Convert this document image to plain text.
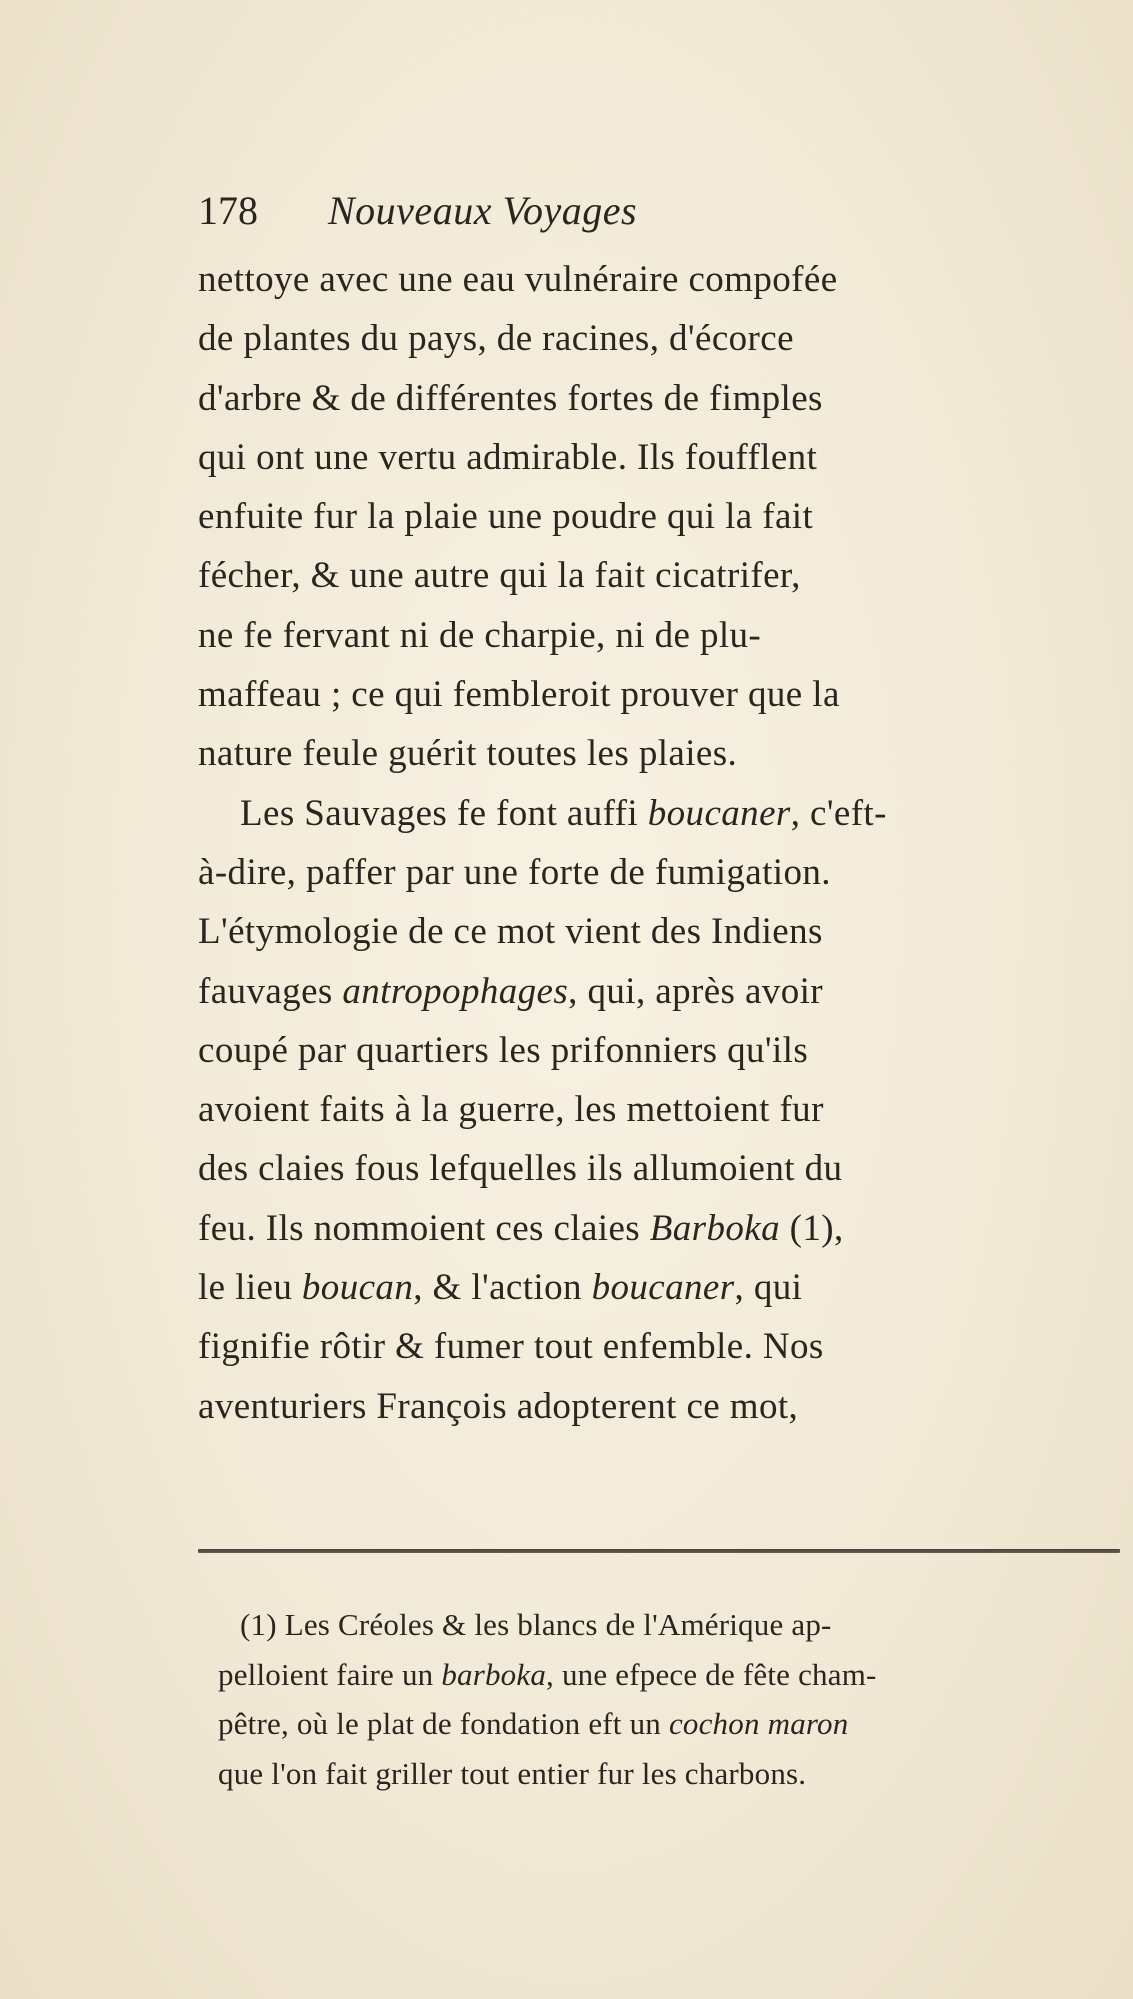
178 Nouveaux Voyages
nettoye avec une eau vulnéraire compofée
de plantes du pays, de racines, d'écorce
d'arbre & de différentes fortes de fimples
qui ont une vertu admirable. Ils foufflent
enfuite fur la plaie une poudre qui la fait
fécher, & une autre qui la fait cicatrifer,
ne fe fervant ni de charpie, ni de plu-
maffeau ; ce qui fembleroit prouver que la
nature feule guérit toutes les plaies.
Les Sauvages fe font auffi boucaner, c'eft-
à-dire, paffer par une forte de fumigation.
L'étymologie de ce mot vient des Indiens
fauvages antropophages, qui, après avoir
coupé par quartiers les prifonniers qu'ils
avoient faits à la guerre, les mettoient fur
des claies fous lefquelles ils allumoient du
feu. Ils nommoient ces claies Barboka (1),
le lieu boucan, & l'action boucaner, qui
fignifie rôtir & fumer tout enfemble. Nos
aventuriers François adopterent ce mot,
(1) Les Créoles & les blancs de l'Amérique ap-
pelloient faire un barboka, une efpece de fête cham-
pêtre, où le plat de fondation eft un cochon maron
que l'on fait griller tout entier fur les charbons.
